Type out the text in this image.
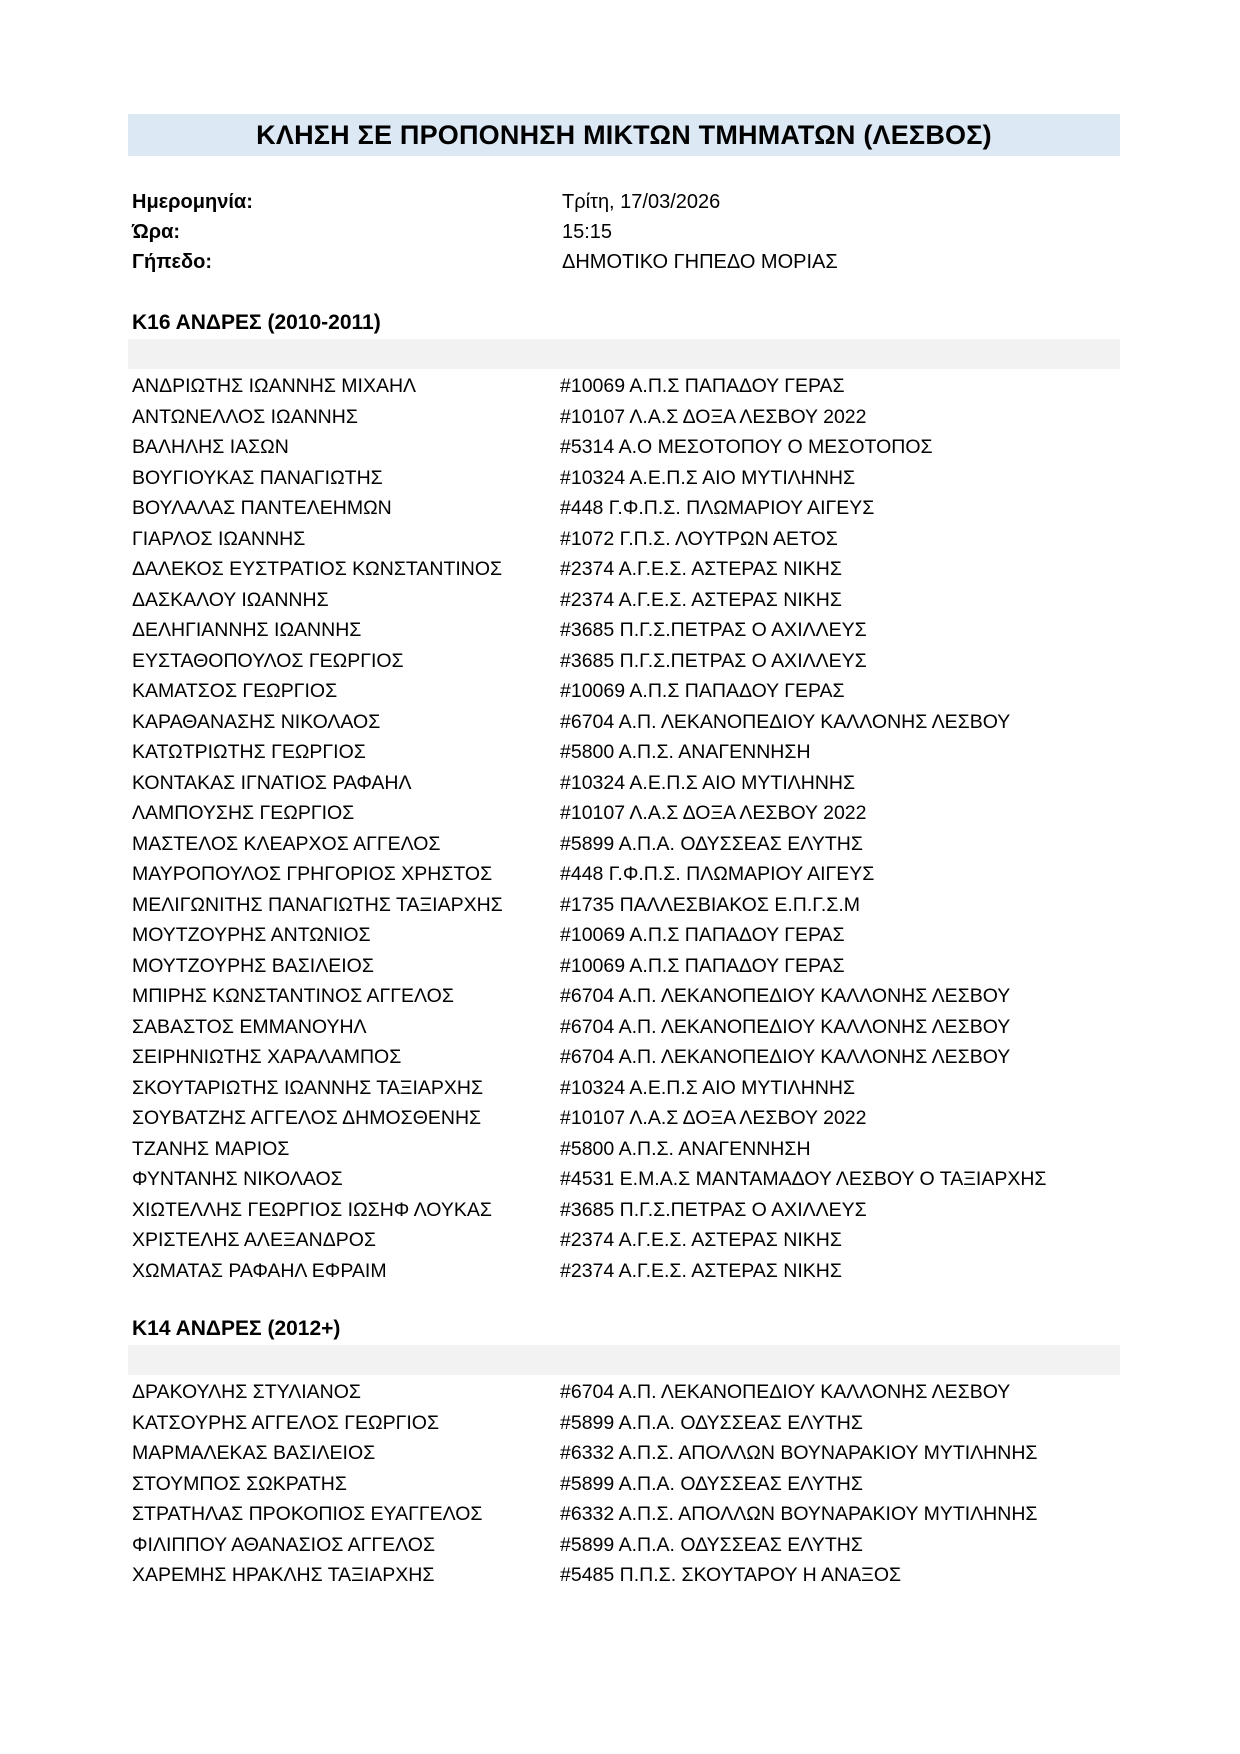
ΚΛΗΣΗ ΣΕ ΠΡΟΠΟΝΗΣΗ ΜΙΚΤΩΝ ΤΜΗΜΑΤΩΝ (ΛΕΣΒΟΣ)
Ημερομηνία:	Τρίτη, 17/03/2026
Ώρα:	15:15
Γήπεδο:	ΔΗΜΟΤΙΚΟ ΓΗΠΕΔΟ ΜΟΡΙΑΣ
Κ16 ΑΝΔΡΕΣ (2010-2011)
ΑΝΔΡΙΩΤΗΣ ΙΩΑΝΝΗΣ ΜΙΧΑΗΛ	#10069 Α.Π.Σ ΠΑΠΑΔΟΥ ΓΕΡΑΣ
ΑΝΤΩΝΕΛΛΟΣ ΙΩΑΝΝΗΣ	#10107 Λ.Α.Σ ΔΟΞΑ ΛΕΣΒΟΥ 2022
ΒΑΛΗΛΗΣ ΙΑΣΩΝ	#5314 Α.Ο ΜΕΣΟΤΟΠΟΥ Ο ΜΕΣΟΤΟΠΟΣ
ΒΟΥΓΙΟΥΚΑΣ ΠΑΝΑΓΙΩΤΗΣ	#10324 Α.Ε.Π.Σ ΑΙΟ ΜΥΤΙΛΗΝΗΣ
ΒΟΥΛΑΛΑΣ ΠΑΝΤΕΛΕΗΜΩΝ	#448 Γ.Φ.Π.Σ. ΠΛΩΜΑΡΙΟΥ ΑΙΓΕΥΣ
ΓΙΑΡΛΟΣ ΙΩΑΝΝΗΣ	#1072 Γ.Π.Σ. ΛΟΥΤΡΩΝ ΑΕΤΟΣ
ΔΑΛΕΚΟΣ ΕΥΣΤΡΑΤΙΟΣ ΚΩΝΣΤΑΝΤΙΝΟΣ	#2374 Α.Γ.Ε.Σ. ΑΣΤΕΡΑΣ ΝΙΚΗΣ
ΔΑΣΚΑΛΟΥ ΙΩΑΝΝΗΣ	#2374 Α.Γ.Ε.Σ. ΑΣΤΕΡΑΣ ΝΙΚΗΣ
ΔΕΛΗΓΙΑΝΝΗΣ ΙΩΑΝΝΗΣ	#3685 Π.Γ.Σ.ΠΕΤΡΑΣ Ο ΑΧΙΛΛΕΥΣ
ΕΥΣΤΑΘΟΠΟΥΛΟΣ ΓΕΩΡΓΙΟΣ	#3685 Π.Γ.Σ.ΠΕΤΡΑΣ Ο ΑΧΙΛΛΕΥΣ
ΚΑΜΑΤΣΟΣ ΓΕΩΡΓΙΟΣ	#10069 Α.Π.Σ ΠΑΠΑΔΟΥ ΓΕΡΑΣ
ΚΑΡΑΘΑΝΑΣΗΣ ΝΙΚΟΛΑΟΣ	#6704 Α.Π. ΛΕΚΑΝΟΠΕΔΙΟΥ ΚΑΛΛΟΝΗΣ ΛΕΣΒΟΥ
ΚΑΤΩΤΡΙΩΤΗΣ ΓΕΩΡΓΙΟΣ	#5800 Α.Π.Σ. ΑΝΑΓΕΝΝΗΣΗ
ΚΟΝΤΑΚΑΣ ΙΓΝΑΤΙΟΣ ΡΑΦΑΗΛ	#10324 Α.Ε.Π.Σ ΑΙΟ ΜΥΤΙΛΗΝΗΣ
ΛΑΜΠΟΥΣΗΣ ΓΕΩΡΓΙΟΣ	#10107 Λ.Α.Σ ΔΟΞΑ ΛΕΣΒΟΥ 2022
ΜΑΣΤΕΛΟΣ ΚΛΕΑΡΧΟΣ ΑΓΓΕΛΟΣ	#5899 Α.Π.Α. ΟΔΥΣΣΕΑΣ ΕΛΥΤΗΣ
ΜΑΥΡΟΠΟΥΛΟΣ ΓΡΗΓΟΡΙΟΣ ΧΡΗΣΤΟΣ	#448 Γ.Φ.Π.Σ. ΠΛΩΜΑΡΙΟΥ ΑΙΓΕΥΣ
ΜΕΛΙΓΩΝΙΤΗΣ ΠΑΝΑΓΙΩΤΗΣ ΤΑΞΙΑΡΧΗΣ	#1735 ΠΑΛΛΕΣΒΙΑΚΟΣ Ε.Π.Γ.Σ.Μ
ΜΟΥΤΖΟΥΡΗΣ ΑΝΤΩΝΙΟΣ	#10069 Α.Π.Σ ΠΑΠΑΔΟΥ ΓΕΡΑΣ
ΜΟΥΤΖΟΥΡΗΣ ΒΑΣΙΛΕΙΟΣ	#10069 Α.Π.Σ ΠΑΠΑΔΟΥ ΓΕΡΑΣ
ΜΠΙΡΗΣ ΚΩΝΣΤΑΝΤΙΝΟΣ ΑΓΓΕΛΟΣ	#6704 Α.Π. ΛΕΚΑΝΟΠΕΔΙΟΥ ΚΑΛΛΟΝΗΣ ΛΕΣΒΟΥ
ΣΑΒΑΣΤΟΣ ΕΜΜΑΝΟΥΗΛ	#6704 Α.Π. ΛΕΚΑΝΟΠΕΔΙΟΥ ΚΑΛΛΟΝΗΣ ΛΕΣΒΟΥ
ΣΕΙΡΗΝΙΩΤΗΣ ΧΑΡΑΛΑΜΠΟΣ	#6704 Α.Π. ΛΕΚΑΝΟΠΕΔΙΟΥ ΚΑΛΛΟΝΗΣ ΛΕΣΒΟΥ
ΣΚΟΥΤΑΡΙΩΤΗΣ ΙΩΑΝΝΗΣ ΤΑΞΙΑΡΧΗΣ	#10324 Α.Ε.Π.Σ ΑΙΟ ΜΥΤΙΛΗΝΗΣ
ΣΟΥΒΑΤΖΗΣ ΑΓΓΕΛΟΣ ΔΗΜΟΣΘΕΝΗΣ	#10107 Λ.Α.Σ ΔΟΞΑ ΛΕΣΒΟΥ 2022
ΤΖΑΝΗΣ ΜΑΡΙΟΣ	#5800 Α.Π.Σ. ΑΝΑΓΕΝΝΗΣΗ
ΦΥΝΤΑΝΗΣ ΝΙΚΟΛΑΟΣ	#4531 Ε.Μ.Α.Σ ΜΑΝΤΑΜΑΔΟΥ ΛΕΣΒΟΥ Ο ΤΑΞΙΑΡΧΗΣ
ΧΙΩΤΕΛΛΗΣ ΓΕΩΡΓΙΟΣ ΙΩΣΗΦ ΛΟΥΚΑΣ	#3685 Π.Γ.Σ.ΠΕΤΡΑΣ Ο ΑΧΙΛΛΕΥΣ
ΧΡΙΣΤΕΛΗΣ ΑΛΕΞΑΝΔΡΟΣ	#2374 Α.Γ.Ε.Σ. ΑΣΤΕΡΑΣ ΝΙΚΗΣ
ΧΩΜΑΤΑΣ ΡΑΦΑΗΛ ΕΦΡΑΙΜ	#2374 Α.Γ.Ε.Σ. ΑΣΤΕΡΑΣ ΝΙΚΗΣ
Κ14 ΑΝΔΡΕΣ (2012+)
ΔΡΑΚΟΥΛΗΣ ΣΤΥΛΙΑΝΟΣ	#6704 Α.Π. ΛΕΚΑΝΟΠΕΔΙΟΥ ΚΑΛΛΟΝΗΣ ΛΕΣΒΟΥ
ΚΑΤΣΟΥΡΗΣ ΑΓΓΕΛΟΣ ΓΕΩΡΓΙΟΣ	#5899 Α.Π.Α. ΟΔΥΣΣΕΑΣ ΕΛΥΤΗΣ
ΜΑΡΜΑΛΕΚΑΣ ΒΑΣΙΛΕΙΟΣ	#6332 Α.Π.Σ. ΑΠΟΛΛΩΝ ΒΟΥΝΑΡΑΚΙΟΥ ΜΥΤΙΛΗΝΗΣ
ΣΤΟΥΜΠΟΣ ΣΩΚΡΑΤΗΣ	#5899 Α.Π.Α. ΟΔΥΣΣΕΑΣ ΕΛΥΤΗΣ
ΣΤΡΑΤΗΛΑΣ ΠΡΟΚΟΠΙΟΣ ΕΥΑΓΓΕΛΟΣ	#6332 Α.Π.Σ. ΑΠΟΛΛΩΝ ΒΟΥΝΑΡΑΚΙΟΥ ΜΥΤΙΛΗΝΗΣ
ΦΙΛΙΠΠΟΥ ΑΘΑΝΑΣΙΟΣ ΑΓΓΕΛΟΣ	#5899 Α.Π.Α. ΟΔΥΣΣΕΑΣ ΕΛΥΤΗΣ
ΧΑΡΕΜΗΣ ΗΡΑΚΛΗΣ ΤΑΞΙΑΡΧΗΣ	#5485 Π.Π.Σ. ΣΚΟΥΤΑΡΟΥ Η ΑΝΑΞΟΣ
